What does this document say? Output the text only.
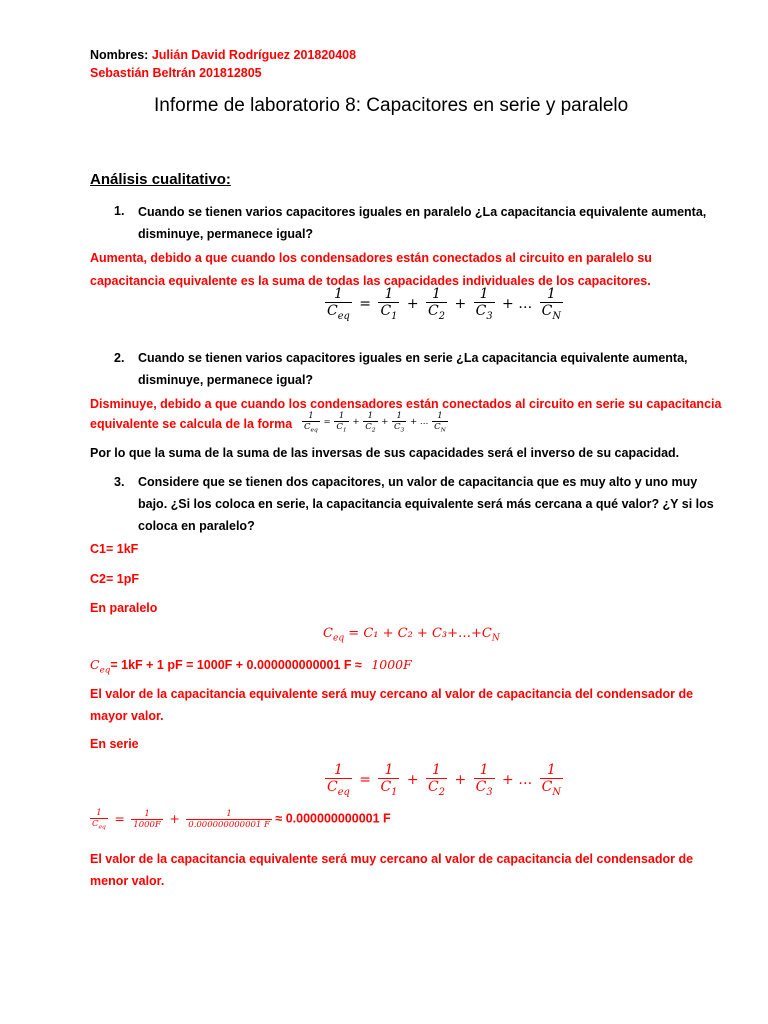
Nombres: Julián David Rodríguez 201820408
Sebastián Beltrán 201812805
Informe de laboratorio 8: Capacitores en serie y paralelo
Análisis cualitativo:
1. Cuando se tienen varios capacitores iguales en paralelo ¿La capacitancia equivalente aumenta,
disminuye, permanece igual?
Aumenta, debido a que cuando los condensadores están conectados al circuito en paralelo su
capacitancia equivalente es la suma de todas las capacidades individuales de los capacitores.
$\frac{1}{C_{eq}} = \frac{1}{C_1} + \frac{1}{C_2} + \frac{1}{C_3}$ + … $\frac{1}{C_N}$
2. Cuando se tienen varios capacitores iguales en serie ¿La capacitancia equivalente aumenta,
disminuye, permanece igual?
Disminuye, debido a que cuando los condensadores están conectados al circuito en serie su capacitancia
equivalente se calcula de la forma	$\frac{1}{C_{eq}} = \frac{1}{C_1} + \frac{1}{C_2} + \frac{1}{C_3}$ + … $\frac{1}{C_N}$
Por lo que la suma de la suma de las inversas de sus capacidades será el inverso de su capacidad.
3. Considere que se tienen dos capacitores, un valor de capacitancia que es muy alto y uno muy
bajo. ¿Si los coloca en serie, la capacitancia equivalente será más cercana a qué valor? ¿Y si los
coloca en paralelo?
C1= 1kF
C2= 1pF
En paralelo
$C_{eq} = C_1 + C_2$ + $C_3+\dots+C_N$
$C_{eq}= 1kF + 1$ pF = 1000F + 0.000000000001 F ≈ 1000F
El valor de la capacitancia equivalente será muy cercano al valor de capacitancia del condensador de
mayor valor.
En serie
$\frac{1}{C_{eq}} = \frac{1}{C_1} + \frac{1}{C_2} + \frac{1}{C_3}$ + … $\frac{1}{C_N}$
$\frac{1}{C_{eq}} = \frac{1}{1000F} + \frac{1}{0.000000000001 F} \approx 0.000000000001$ F
El valor de la capacitancia equivalente será muy cercano al valor de capacitancia del condensador de
menor valor.
